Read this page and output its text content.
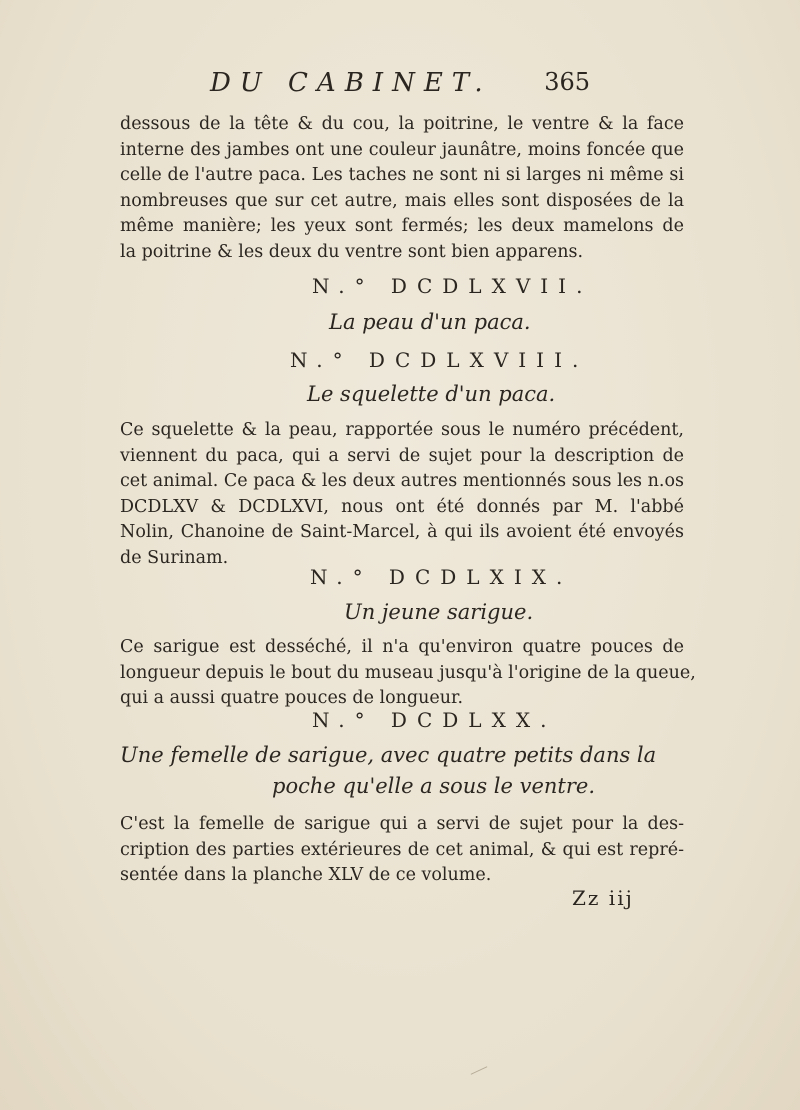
DU CABINET. 365
dessous de la tête & du cou, la poitrine, le ventre & la face
interne des jambes ont une couleur jaunâtre, moins foncée que
celle de l'autre paca. Les taches ne sont ni si larges ni même si
nombreuses que sur cet autre, mais elles sont disposées de la
même manière; les yeux sont fermés; les deux mamelons de
la poitrine & les deux du ventre sont bien apparens.
N.° DCDLXVII.
La peau d'un paca.
N.° DCDLXVIII.
Le squelette d'un paca.
Ce squelette & la peau, rapportée sous le numéro précédent,
viennent du paca, qui a servi de sujet pour la description de
cet animal. Ce paca & les deux autres mentionnés sous les n.os
DCDLXV & DCDLXVI, nous ont été donnés par M. l'abbé
Nolin, Chanoine de Saint-Marcel, à qui ils avoient été envoyés
de Surinam.
N.° DCDLXIX.
Un jeune sarigue.
Ce sarigue est desséché, il n'a qu'environ quatre pouces de
longueur depuis le bout du museau jusqu'à l'origine de la queue,
qui a aussi quatre pouces de longueur.
N.° DCDLXX.
Une femelle de sarigue, avec quatre petits dans la
poche qu'elle a sous le ventre.
C'est la femelle de sarigue qui a servi de sujet pour la des-
cription des parties extérieures de cet animal, & qui est repré-
sentée dans la planche XLV de ce volume.
Zz iij
